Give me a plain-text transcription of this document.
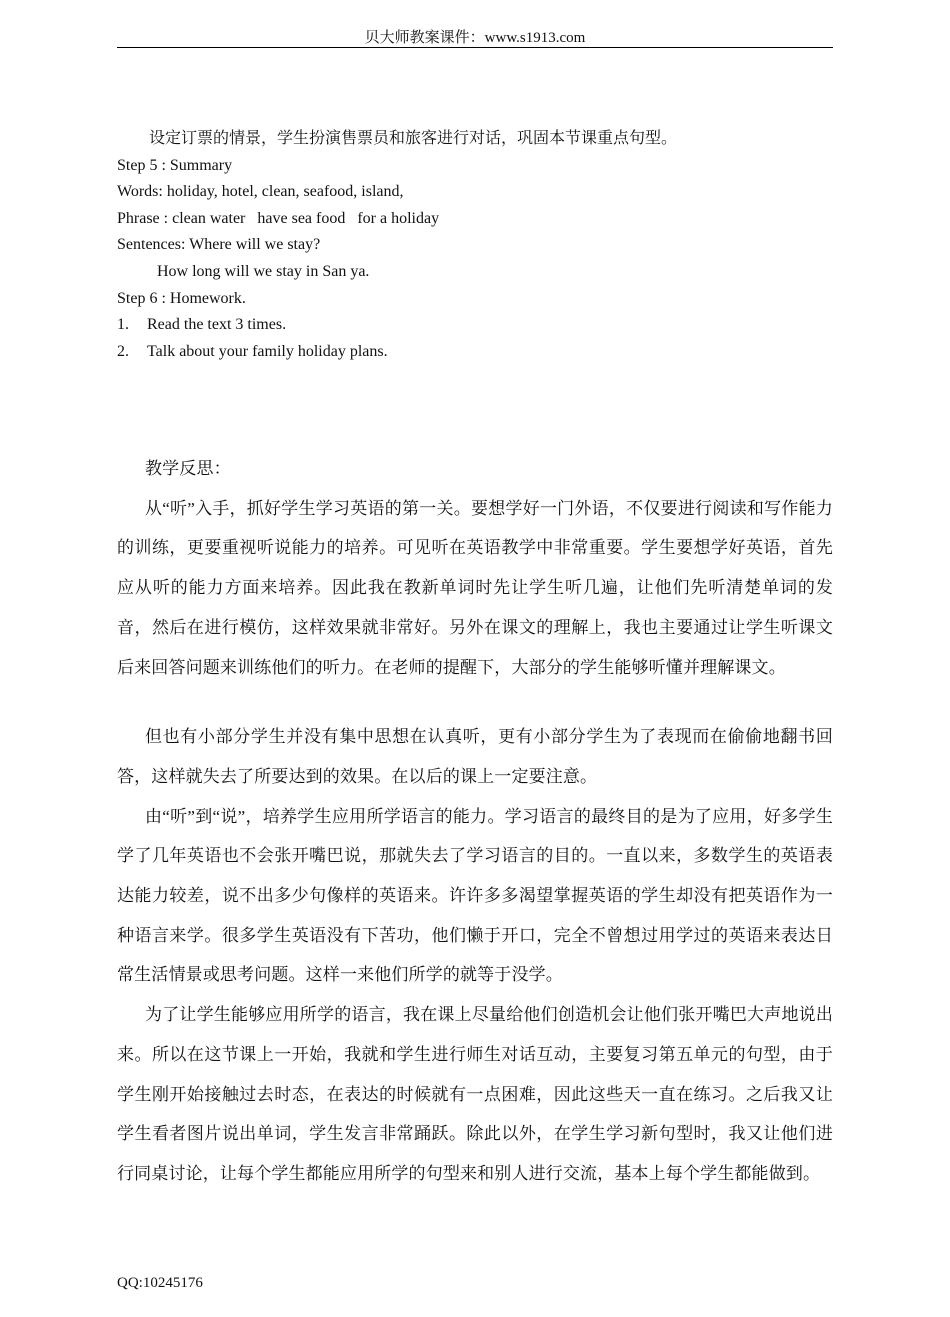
贝大师教案课件：www.s1913.com

设定订票的情景，学生扮演售票员和旅客进行对话，巩固本节课重点句型。

Step 5 : Summary

Words: holiday, hotel, clean, seafood, island,

Phrase : clean water   have sea food   for a holiday

Sentences: Where will we stay?

How long will we stay in San ya.

Step 6 : Homework.

1. Read the text 3 times.

2. Talk about your family holiday plans.

教学反思：

从“听”入手，抓好学生学习英语的第一关。要想学好一门外语，不仅要进行阅读和写作能力的训练，更要重视听说能力的培养。可见听在英语教学中非常重要。学生要想学好英语，首先应从听的能力方面来培养。因此我在教新单词时先让学生听几遍，让他们先听清楚单词的发音，然后在进行模仿，这样效果就非常好。另外在课文的理解上，我也主要通过让学生听课文后来回答问题来训练他们的听力。在老师的提醒下，大部分的学生能够听懂并理解课文。

但也有小部分学生并没有集中思想在认真听，更有小部分学生为了表现而在偷偷地翻书回答，这样就失去了所要达到的效果。在以后的课上一定要注意。

由“听”到“说”，培养学生应用所学语言的能力。学习语言的最终目的是为了应用，好多学生学了几年英语也不会张开嘴巴说，那就失去了学习语言的目的。一直以来，多数学生的英语表达能力较差，说不出多少句像样的英语来。许许多多渴望掌握英语的学生却没有把英语作为一种语言来学。很多学生英语没有下苦功，他们懒于开口，完全不曾想过用学过的英语来表达日常生活情景或思考问题。这样一来他们所学的就等于没学。

为了让学生能够应用所学的语言，我在课上尽量给他们创造机会让他们张开嘴巴大声地说出来。所以在这节课上一开始，我就和学生进行师生对话互动，主要复习第五单元的句型，由于学生刚开始接触过去时态，在表达的时候就有一点困难，因此这些天一直在练习。之后我又让学生看者图片说出单词，学生发言非常踊跃。除此以外，在学生学习新句型时，我又让他们进行同桌讨论，让每个学生都能应用所学的句型来和别人进行交流，基本上每个学生都能做到。

QQ:10245176
